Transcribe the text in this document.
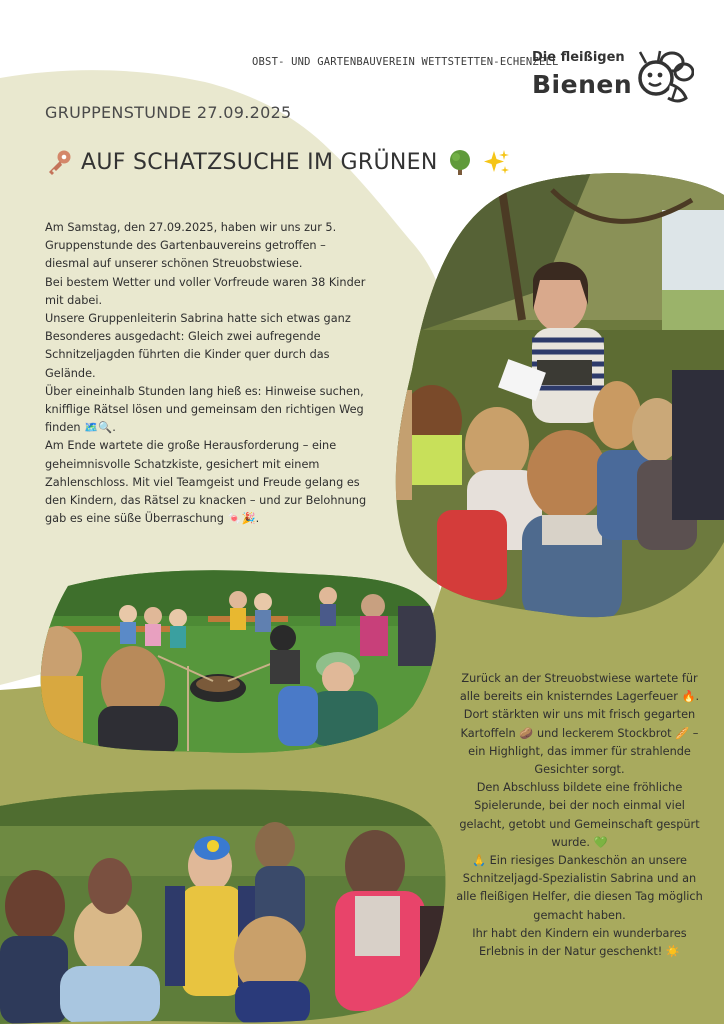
OBST- UND GARTENBAUVEREIN WETTSTETTEN-ECHENZELL
Die fleißigen
Bienen
GRUPPENSTUNDE 27.09.2025
AUF SCHATZSUCHE IM GRÜNEN

Am Samstag, den 27.09.2025, haben wir uns zur 5. Gruppenstunde des Gartenbauvereins getroffen – diesmal auf unserer schönen Streuobstwiese.

Bei bestem Wetter und voller Vorfreude waren 38 Kinder mit dabei.

Unsere Gruppenleiterin Sabrina hatte sich etwas ganz Besonderes ausgedacht: Gleich zwei aufregende Schnitzeljagden führten die Kinder quer durch das Gelände.

Über eineinhalb Stunden lang hieß es: Hinweise suchen, knifflige Rätsel lösen und gemeinsam den richtigen Weg finden 🗺️🔍.

Am Ende wartete die große Herausforderung – eine geheimnisvolle Schatzkiste, gesichert mit einem Zahlenschloss. Mit viel Teamgeist und Freude gelang es den Kindern, das Rätsel zu knacken – und zur Belohnung gab es eine süße Überraschung 🍬🎉.

Zurück an der Streuobstwiese wartete für alle bereits ein knisterndes Lagerfeuer 🔥. Dort stärkten wir uns mit frisch gegarten Kartoffeln 🥔 und leckerem Stockbrot 🥖 – ein Highlight, das immer für strahlende Gesichter sorgt.

Den Abschluss bildete eine fröhliche Spielerunde, bei der noch einmal viel gelacht, getobt und Gemeinschaft gespürt wurde. 💚

🙏 Ein riesiges Dankeschön an unsere Schnitzeljagd-Spezialistin Sabrina und an alle fleißigen Helfer, die diesen Tag möglich gemacht haben.

Ihr habt den Kindern ein wunderbares Erlebnis in der Natur geschenkt! ☀️
